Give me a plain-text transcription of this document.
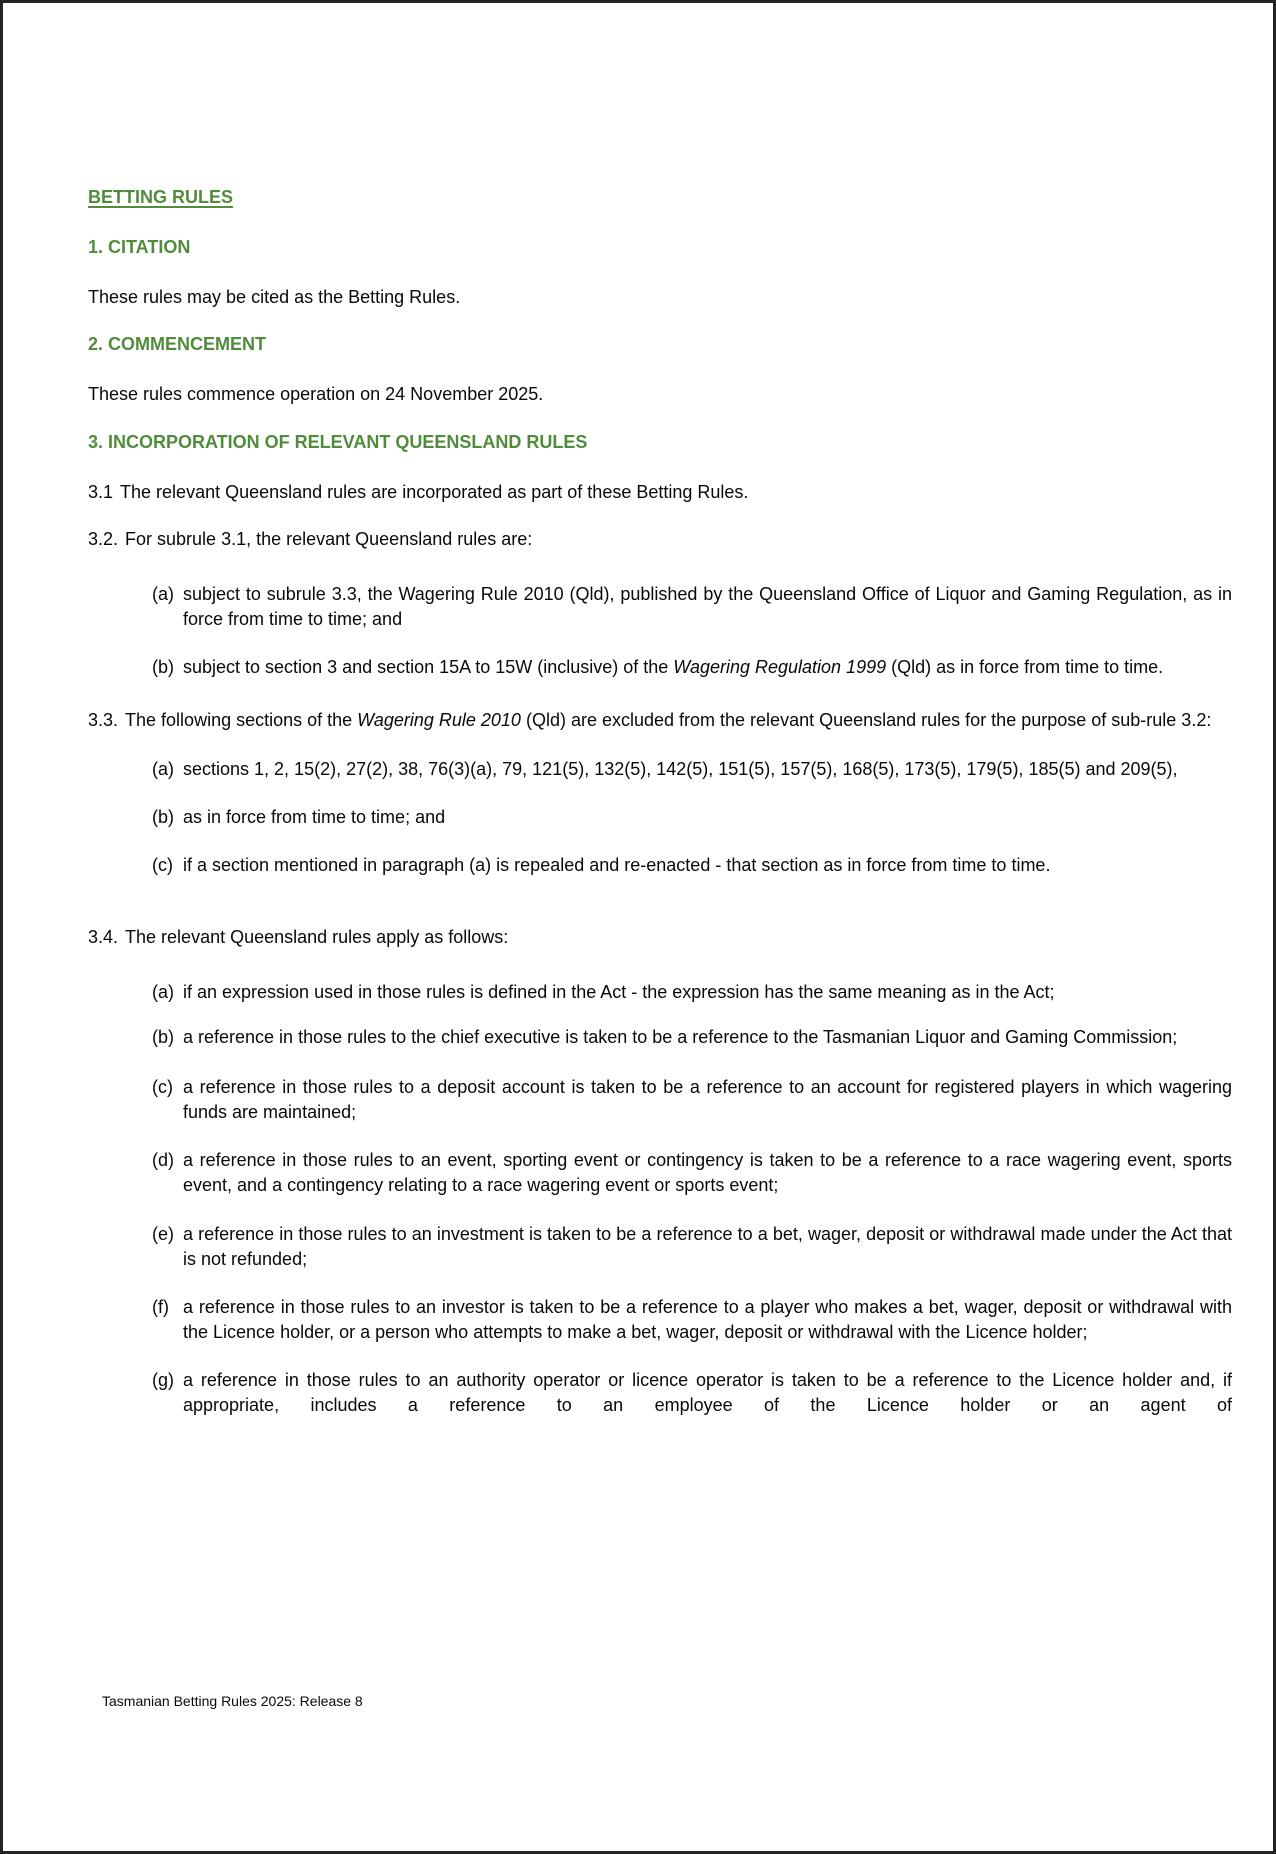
BETTING RULES
1. CITATION
These rules may be cited as the Betting Rules.
2. COMMENCEMENT
These rules commence operation on 24 November 2025.
3. INCORPORATION OF RELEVANT QUEENSLAND RULES
3.1 The relevant Queensland rules are incorporated as part of these Betting Rules.
3.2. For subrule 3.1, the relevant Queensland rules are:
(a) subject to subrule 3.3, the Wagering Rule 2010 (Qld), published by the Queensland Office of Liquor and Gaming Regulation, as in force from time to time; and
(b) subject to section 3 and section 15A to 15W (inclusive) of the Wagering Regulation 1999 (Qld) as in force from time to time.
3.3. The following sections of the Wagering Rule 2010 (Qld) are excluded from the relevant Queensland rules for the purpose of sub-rule 3.2:
(a) sections 1, 2, 15(2), 27(2), 38, 76(3)(a), 79, 121(5), 132(5), 142(5), 151(5), 157(5), 168(5), 173(5), 179(5), 185(5) and 209(5),
(b) as in force from time to time; and
(c) if a section mentioned in paragraph (a) is repealed and re-enacted - that section as in force from time to time.
3.4. The relevant Queensland rules apply as follows:
(a) if an expression used in those rules is defined in the Act - the expression has the same meaning as in the Act;
(b) a reference in those rules to the chief executive is taken to be a reference to the Tasmanian Liquor and Gaming Commission;
(c) a reference in those rules to a deposit account is taken to be a reference to an account for registered players in which wagering funds are maintained;
(d) a reference in those rules to an event, sporting event or contingency is taken to be a reference to a race wagering event, sports event, and a contingency relating to a race wagering event or sports event;
(e) a reference in those rules to an investment is taken to be a reference to a bet, wager, deposit or withdrawal made under the Act that is not refunded;
(f) a reference in those rules to an investor is taken to be a reference to a player who makes a bet, wager, deposit or withdrawal with the Licence holder, or a person who attempts to make a bet, wager, deposit or withdrawal with the Licence holder;
(g) a reference in those rules to an authority operator or licence operator is taken to be a reference to the Licence holder and, if appropriate, includes a reference to an employee of the Licence holder or an agent of
Tasmanian Betting Rules 2025: Release 8
